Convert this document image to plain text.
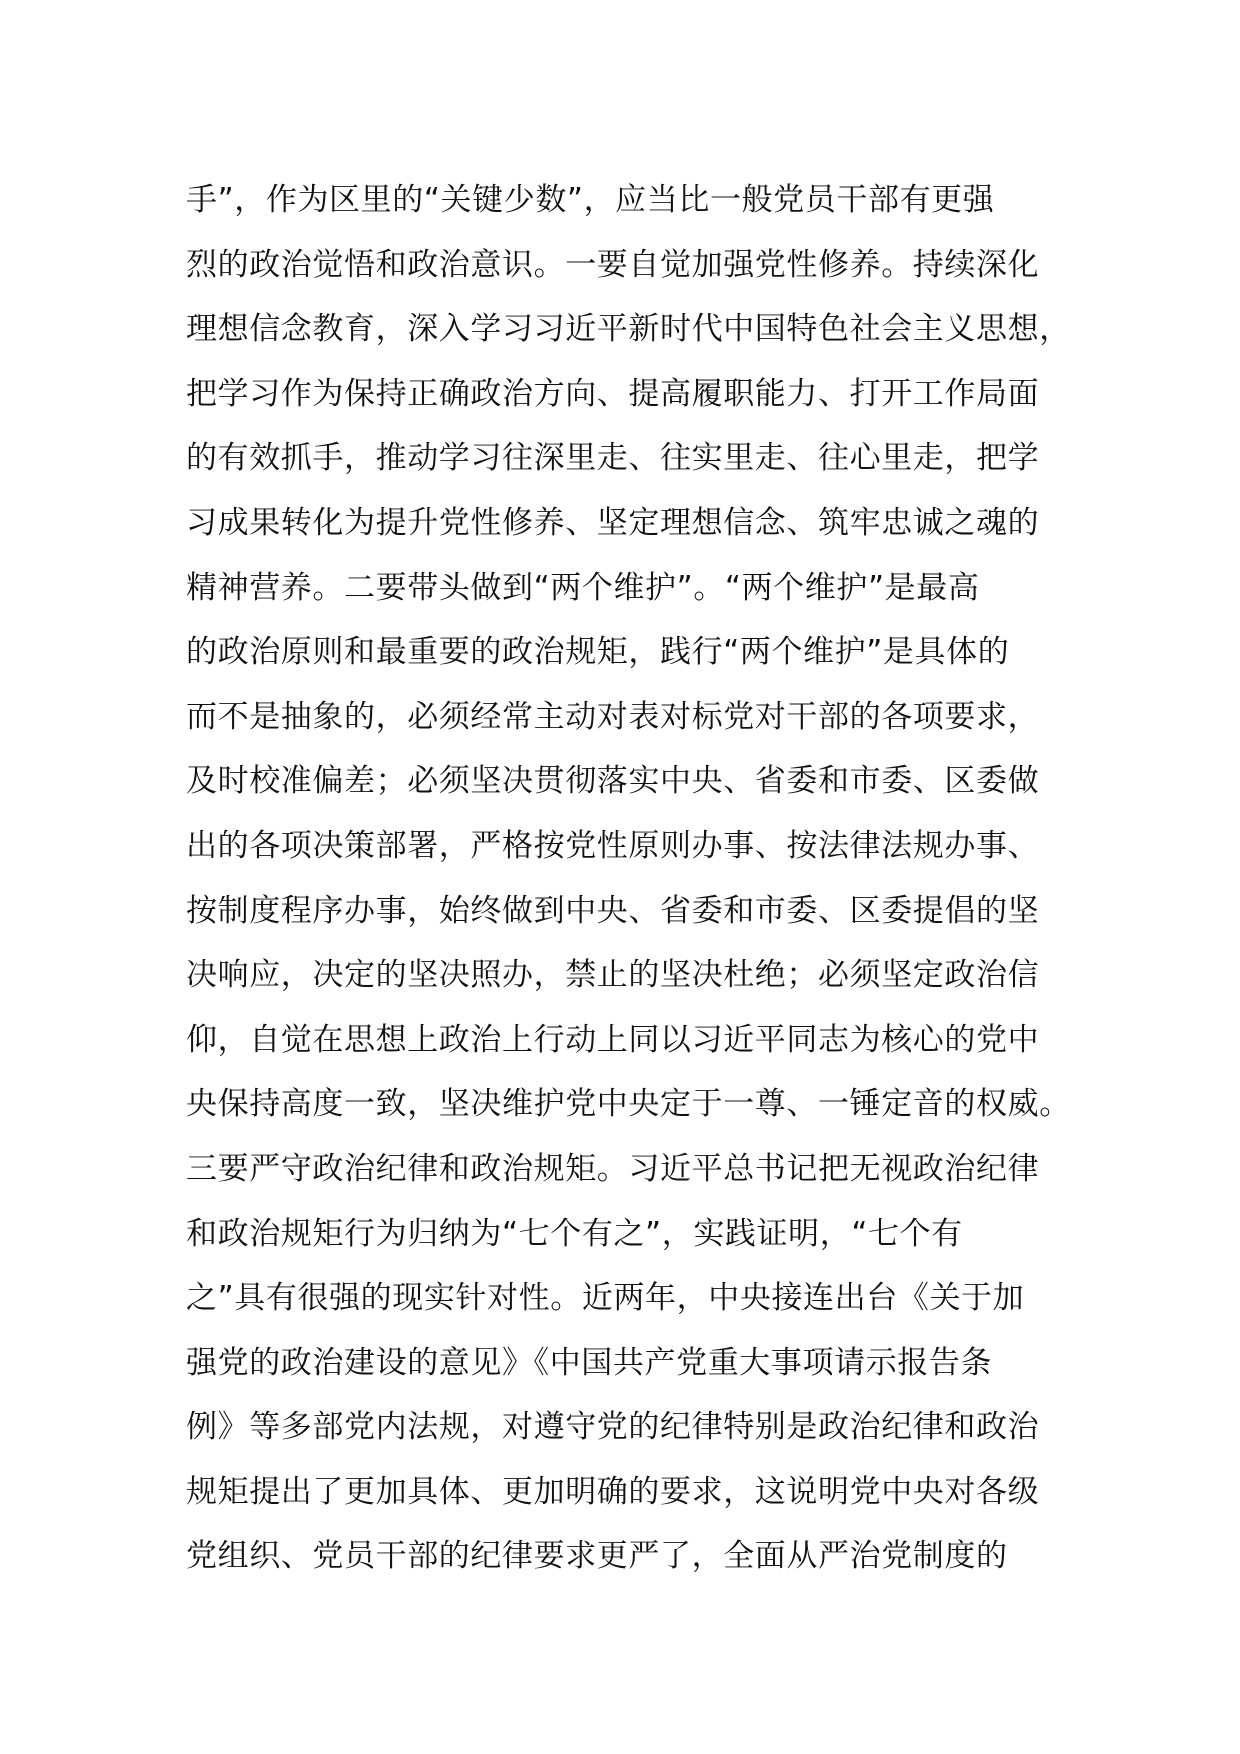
手”，作为区里的“关键少数”，应当比一般党员干部有更强
烈的政治觉悟和政治意识。一要自觉加强党性修养。持续深化
理想信念教育，深入学习习近平新时代中国特色社会主义思想，
把学习作为保持正确政治方向、提高履职能力、打开工作局面
的有效抓手，推动学习往深里走、往实里走、往心里走，把学
习成果转化为提升党性修养、坚定理想信念、筑牢忠诚之魂的
精神营养。二要带头做到“两个维护”。“两个维护”是最高
的政治原则和最重要的政治规矩，践行“两个维护”是具体的
而不是抽象的，必须经常主动对表对标党对干部的各项要求，
及时校准偏差；必须坚决贯彻落实中央、省委和市委、区委做
出的各项决策部署，严格按党性原则办事、按法律法规办事、
按制度程序办事，始终做到中央、省委和市委、区委提倡的坚
决响应，决定的坚决照办，禁止的坚决杜绝；必须坚定政治信
仰，自觉在思想上政治上行动上同以习近平同志为核心的党中
央保持高度一致，坚决维护党中央定于一尊、一锤定音的权威。
三要严守政治纪律和政治规矩。习近平总书记把无视政治纪律
和政治规矩行为归纳为“七个有之”，实践证明，“七个有
之”具有很强的现实针对性。近两年，中央接连出台《关于加
强党的政治建设的意见》《中国共产党重大事项请示报告条
例》等多部党内法规，对遵守党的纪律特别是政治纪律和政治
规矩提出了更加具体、更加明确的要求，这说明党中央对各级
党组织、党员干部的纪律要求更严了，全面从严治党制度的
